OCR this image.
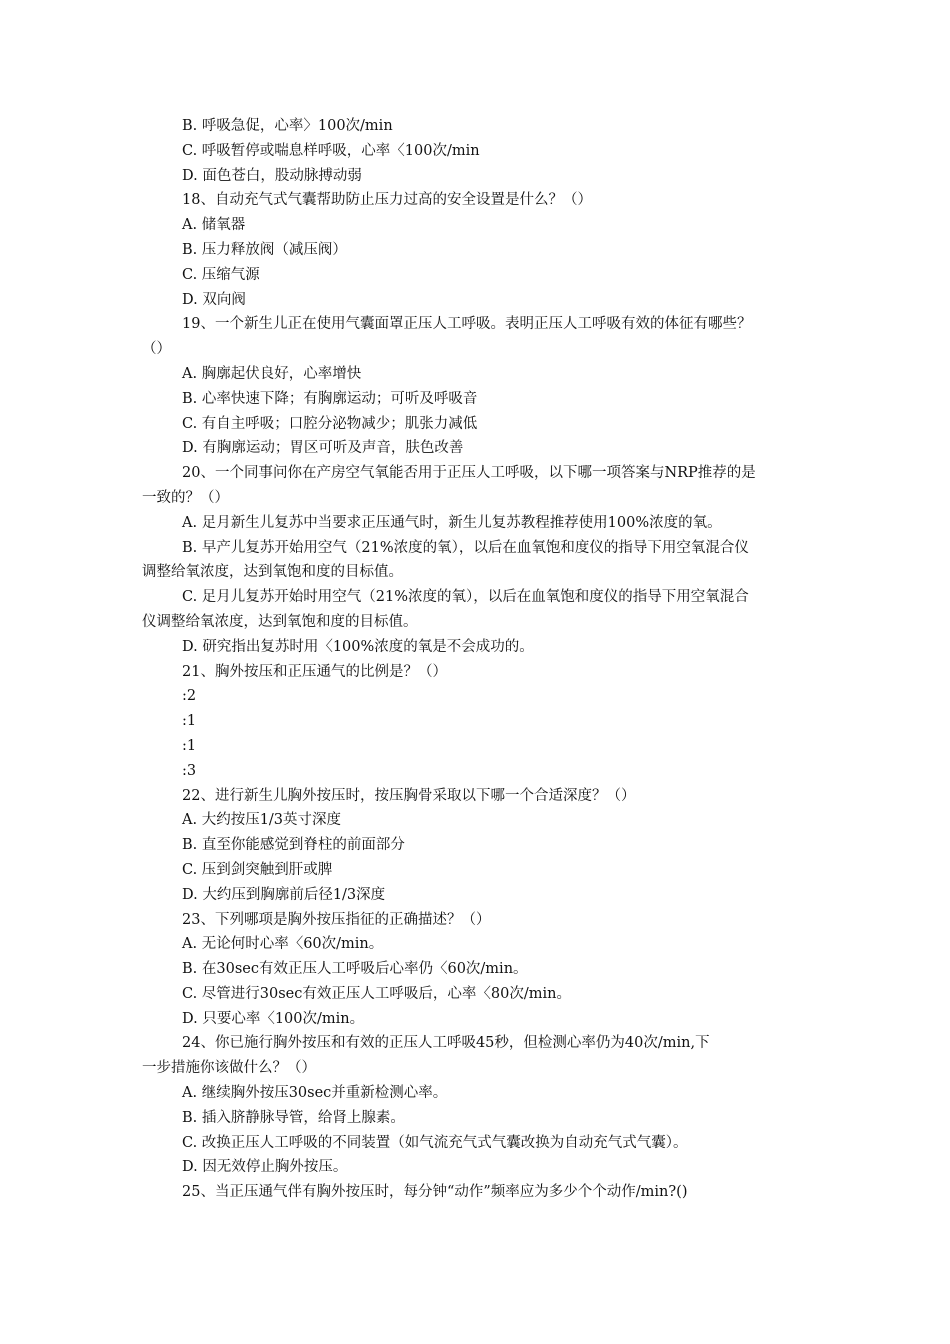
B. 呼吸急促，心率〉100次/min
C. 呼吸暂停或喘息样呼吸，心率〈100次/min
D. 面色苍白，股动脉搏动弱
18、自动充气式气囊帮助防止压力过高的安全设置是什么？（）
A. 储氧器
B. 压力释放阀（减压阀）
C. 压缩气源
D. 双向阀
19、一个新生儿正在使用气囊面罩正压人工呼吸。表明正压人工呼吸有效的体征有哪些？
（）
A. 胸廓起伏良好，心率增快
B. 心率快速下降；有胸廓运动；可听及呼吸音
C. 有自主呼吸；口腔分泌物减少；肌张力减低
D. 有胸廓运动；胃区可听及声音，肤色改善
20、一个同事问你在产房空气氧能否用于正压人工呼吸，以下哪一项答案与NRP推荐的是
一致的？（）
A. 足月新生儿复苏中当要求正压通气时，新生儿复苏教程推荐使用100%浓度的氧。
B. 早产儿复苏开始用空气（21%浓度的氧），以后在血氧饱和度仪的指导下用空氧混合仪
调整给氧浓度，达到氧饱和度的目标值。
C. 足月儿复苏开始时用空气（21%浓度的氧），以后在血氧饱和度仪的指导下用空氧混合
仪调整给氧浓度，达到氧饱和度的目标值。
D. 研究指出复苏时用〈100%浓度的氧是不会成功的。
21、胸外按压和正压通气的比例是？（）
:2
:1
:1
:3
22、进行新生儿胸外按压时，按压胸骨采取以下哪一个合适深度？（）
A. 大约按压1/3英寸深度
B. 直至你能感觉到脊柱的前面部分
C. 压到剑突触到肝或脾
D. 大约压到胸廓前后径1/3深度
23、下列哪项是胸外按压指征的正确描述？（）
A. 无论何时心率〈60次/min。
B. 在30sec有效正压人工呼吸后心率仍〈60次/min。
C. 尽管进行30sec有效正压人工呼吸后，心率〈80次/min。
D. 只要心率〈100次/min。
24、你已施行胸外按压和有效的正压人工呼吸45秒，但检测心率仍为40次/min,下
一步措施你该做什么？（）
A. 继续胸外按压30sec并重新检测心率。
B. 插入脐静脉导管，给肾上腺素。
C. 改换正压人工呼吸的不同装置（如气流充气式气囊改换为自动充气式气囊）。
D. 因无效停止胸外按压。
25、当正压通气伴有胸外按压时，每分钟“动作”频率应为多少个个动作/min?()
